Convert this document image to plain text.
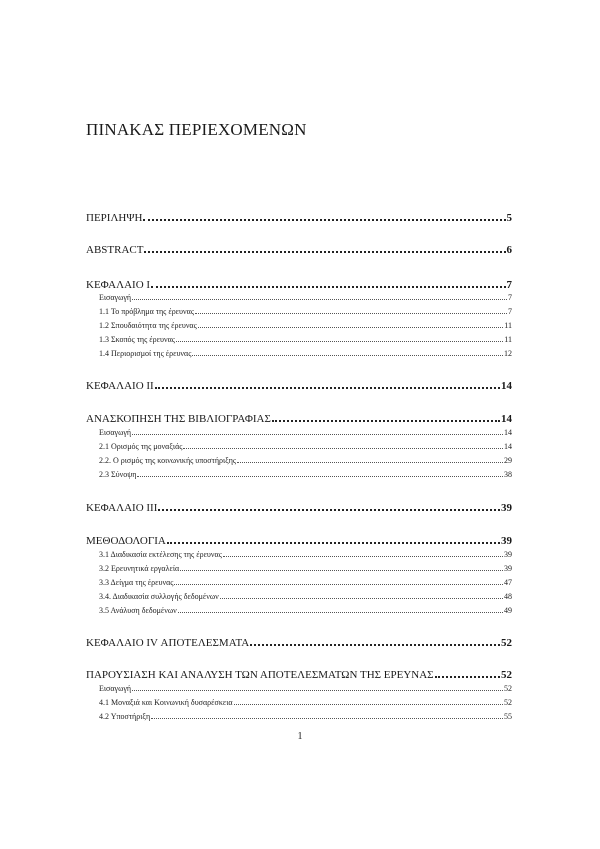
ΠΙΝΑΚΑΣ ΠΕΡΙΕΧΟΜΕΝΩΝ
ΠΕΡΙΛΗΨΗ	5
ABSTRACT	6
ΚΕΦΑΛΑΙΟ Ι	7
Εισαγωγή	7
1.1 Το πρόβλημα της έρευνας	7
1.2 Σπουδαιότητα της έρευνας	11
1.3 Σκοπός της έρευνας	11
1.4 Περιορισμοί της έρευνας	12
ΚΕΦΑΛΑΙΟ ΙΙ	14
ΑΝΑΣΚΟΠΗΣΗ ΤΗΣ ΒΙΒΛΙΟΓΡΑΦΙΑΣ	14
Εισαγωγή	14
2.1 Ορισμός της μοναξιάς	14
2.2. Ο ρισμός της κοινωνικής υποστήριξης	29
2.3 Σύνοψη	38
ΚΕΦΑΛΑΙΟ ΙΙΙ	39
ΜΕΘΟΔΟΛΟΓΙΑ	39
3.1 Διαδικασία εκτέλεσης της έρευνας	39
3.2 Ερευνητικά εργαλεία	39
3.3 Δείγμα της έρευνας	47
3.4. Διαδικασία συλλογής δεδομένων	48
3.5 Ανάλυση δεδομένων	49
ΚΕΦΑΛΑΙΟ IV ΑΠΟΤΕΛΕΣΜΑΤΑ	52
ΠΑΡΟΥΣΙΑΣΗ ΚΑΙ ΑΝΑΛΥΣΗ ΤΩΝ ΑΠΟΤΕΛΕΣΜΑΤΩΝ ΤΗΣ ΕΡΕΥΝΑΣ	52
Εισαγωγή	52
4.1 Μοναξιά και Κοινωνική δυσαρέσκεια	52
4.2 Υποστήριξη	55
1
